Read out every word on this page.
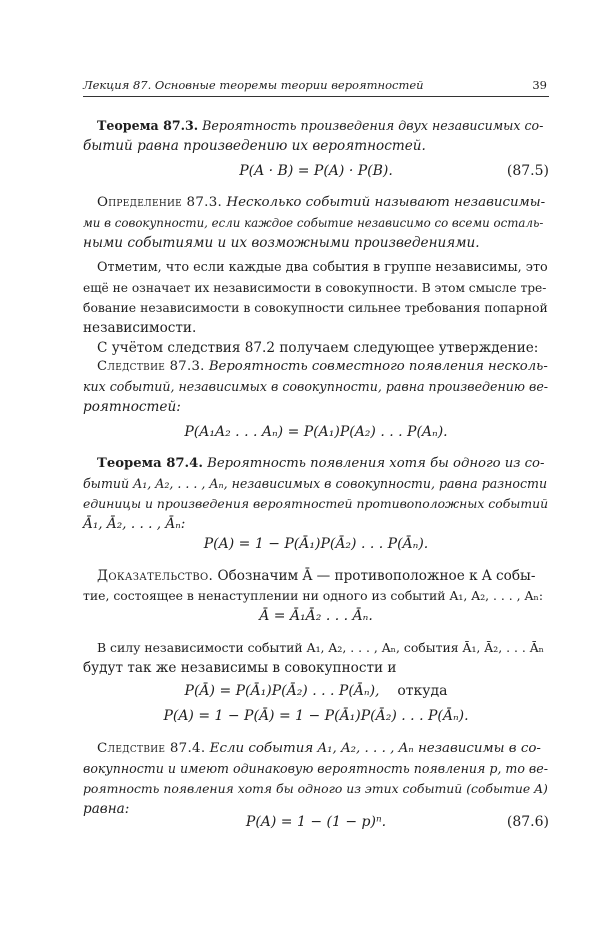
Лекция 87. Основные теоремы теории вероятностей	39
Теорема 87.3. Вероятность произведения двух независимых со-
бытий равна произведению их вероятностей.
P(A · B) = P(A) · P(B).	(87.5)
Определение 87.3. Несколько событий называют независимы-
ми в совокупности, если каждое событие независимо со всеми осталь-
ными событиями и их возможными произведениями.
Отметим, что если каждые два события в группе независимы, это
ещё не означает их независимости в совокупности. В этом смысле тре-
бование независимости в совокупности сильнее требования попарной
независимости.
С учётом следствия 87.2 получаем следующее утверждение:
Следствие 87.3. Вероятность совместного появления несколь-
ких событий, независимых в совокупности, равна произведению ве-
роятностей:
P(A₁A₂ . . . Aₙ) = P(A₁)P(A₂) . . . P(Aₙ).
Теорема 87.4. Вероятность появления хотя бы одного из со-
бытий A₁, A₂, . . . , Aₙ, независимых в совокупности, равна разности
единицы и произведения вероятностей противоположных событий
Ā₁, Ā₂, . . . , Āₙ:
P(A) = 1 − P(Ā₁)P(Ā₂) . . . P(Āₙ).
Доказательство. Обозначим Ā — противоположное к A собы-
тие, состоящее в ненаступлении ни одного из событий A₁, A₂, . . . , Aₙ:
Ā = Ā₁Ā₂ . . . Āₙ.
В силу независимости событий A₁, A₂, . . . , Aₙ, события Ā₁, Ā₂, . . . Āₙ
будут так же независимы в совокупности и
P(Ā) = P(Ā₁)P(Ā₂) . . . P(Āₙ), откуда
P(A) = 1 − P(Ā) = 1 − P(Ā₁)P(Ā₂) . . . P(Āₙ).
Следствие 87.4. Если события A₁, A₂, . . . , Aₙ независимы в со-
вокупности и имеют одинаковую вероятность появления p, то ве-
роятность появления хотя бы одного из этих событий (событие A)
равна:
P(A) = 1 − (1 − p)ⁿ.	(87.6)
